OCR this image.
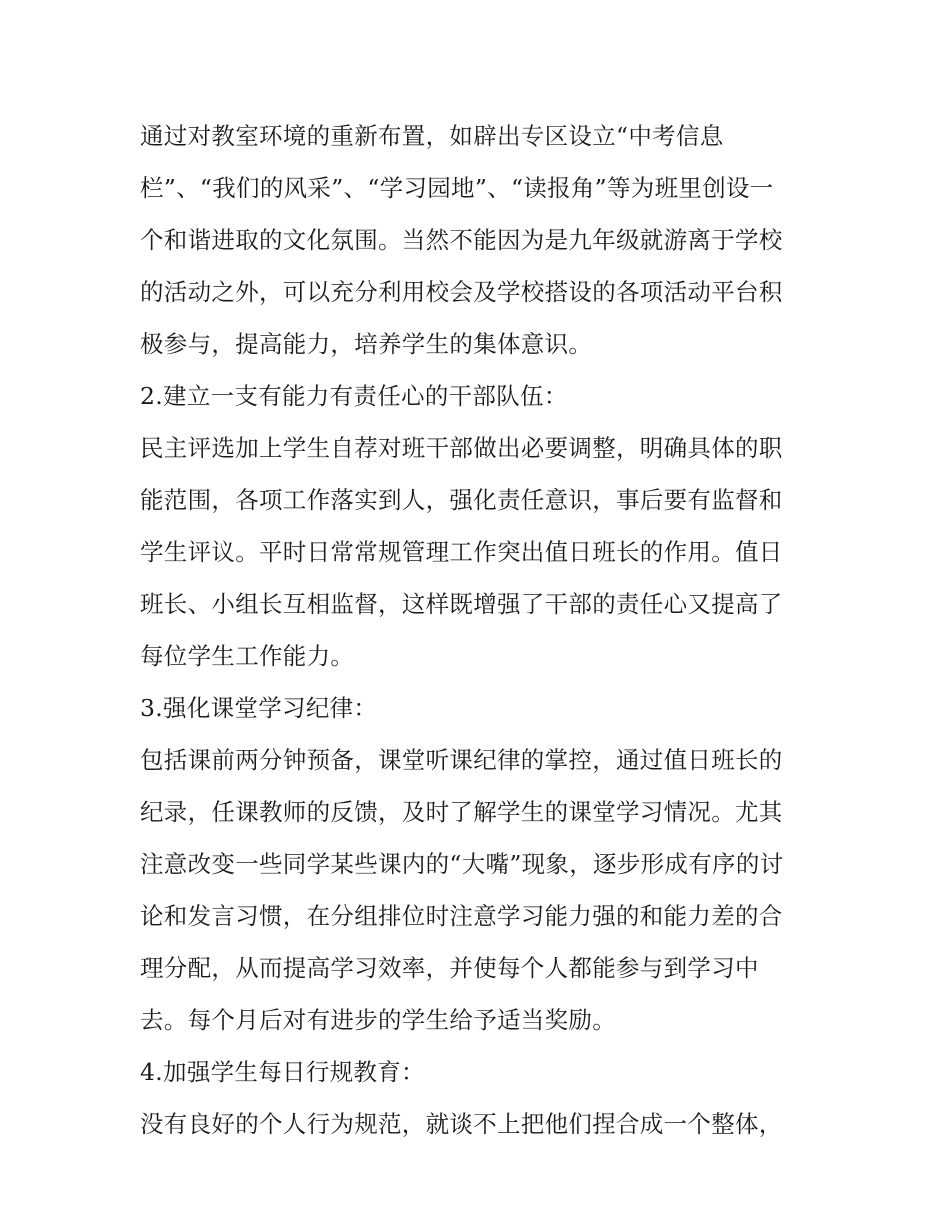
通过对教室环境的重新布置，如辟出专区设立“中考信息
栏”、“我们的风采”、“学习园地”、“读报角”等为班里创设一
个和谐进取的文化氛围。当然不能因为是九年级就游离于学校
的活动之外，可以充分利用校会及学校搭设的各项活动平台积
极参与，提高能力，培养学生的集体意识。
2.建立一支有能力有责任心的干部队伍：
民主评选加上学生自荐对班干部做出必要调整，明确具体的职
能范围，各项工作落实到人，强化责任意识，事后要有监督和
学生评议。平时日常常规管理工作突出值日班长的作用。值日
班长、小组长互相监督，这样既增强了干部的责任心又提高了
每位学生工作能力。
3.强化课堂学习纪律：
包括课前两分钟预备，课堂听课纪律的掌控，通过值日班长的
纪录，任课教师的反馈，及时了解学生的课堂学习情况。尤其
注意改变一些同学某些课内的“大嘴”现象，逐步形成有序的讨
论和发言习惯，在分组排位时注意学习能力强的和能力差的合
理分配，从而提高学习效率，并使每个人都能参与到学习中
去。每个月后对有进步的学生给予适当奖励。
4.加强学生每日行规教育：
没有良好的个人行为规范，就谈不上把他们捏合成一个整体，
